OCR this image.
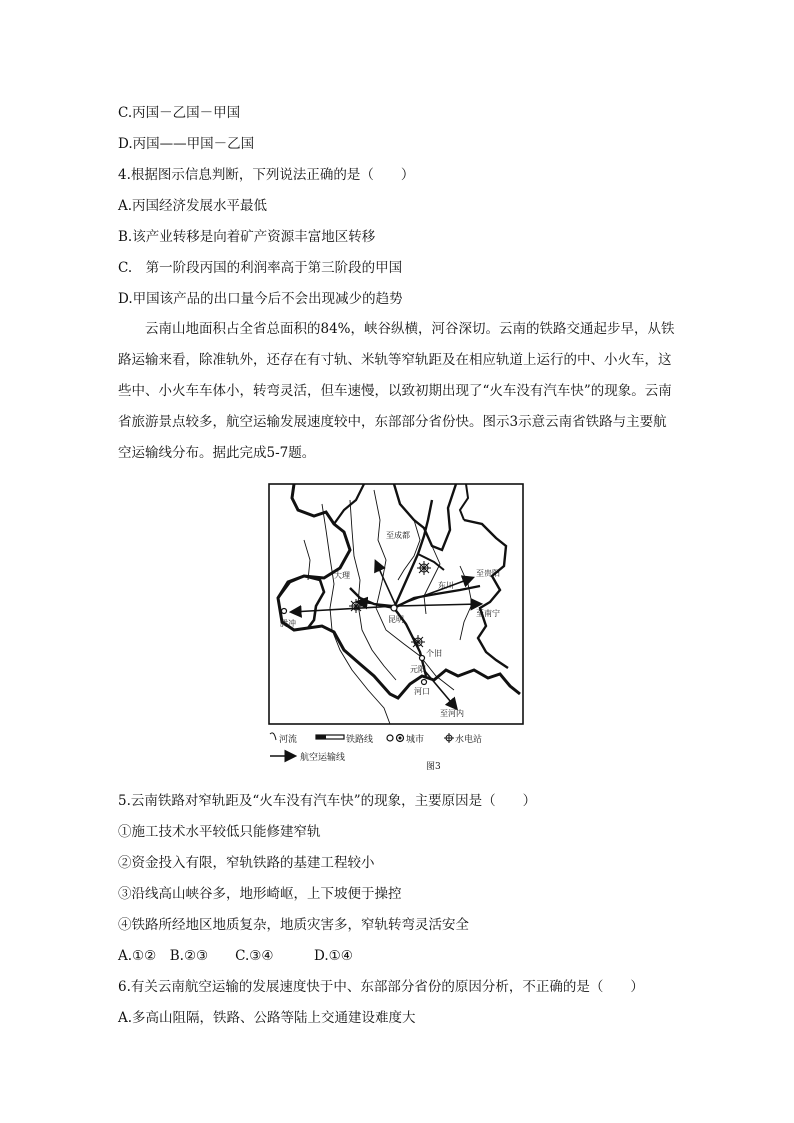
C.丙国－乙国－甲国
D.丙国——甲国－乙国
4.根据图示信息判断，下列说法正确的是（　　）
A.丙国经济发展水平最低
B.该产业转移是向着矿产资源丰富地区转移
C.　第一阶段丙国的利润率高于第三阶段的甲国
D.甲国该产品的出口量今后不会出现减少的趋势
云南山地面积占全省总面积的84%，峡谷纵横，河谷深切。云南的铁路交通起步早，从铁路运输来看，除准轨外，还存在有寸轨、米轨等窄轨距及在相应轨道上运行的中、小火车，这些中、小火车车体小，转弯灵活，但车速慢，以致初期出现了“火车没有汽车快”的现象。云南省旅游景点较多，航空运输发展速度较中，东部部分省份快。图示3示意云南省铁路与主要航空运输线分布。据此完成5-7题。
至成都
大理
东川
至贵阳
至南宁
昆明
腾冲
个旧
元阳
河口
至河内
河流	铁路线	城市	水电站
航空运输线
图3
5.云南铁路对窄轨距及“火车没有汽车快”的现象，主要原因是（　　）
①施工技术水平较低只能修建窄轨
②资金投入有限，窄轨铁路的基建工程较小
③沿线高山峡谷多，地形崎岖，上下坡便于操控
④铁路所经地区地质复杂，地质灾害多，窄轨转弯灵活安全
A.①②　B.②③　　C.③④　　　D.①④
6.有关云南航空运输的发展速度快于中、东部部分省份的原因分析，不正确的是（　　）
A.多高山阻隔，铁路、公路等陆上交通建设难度大
